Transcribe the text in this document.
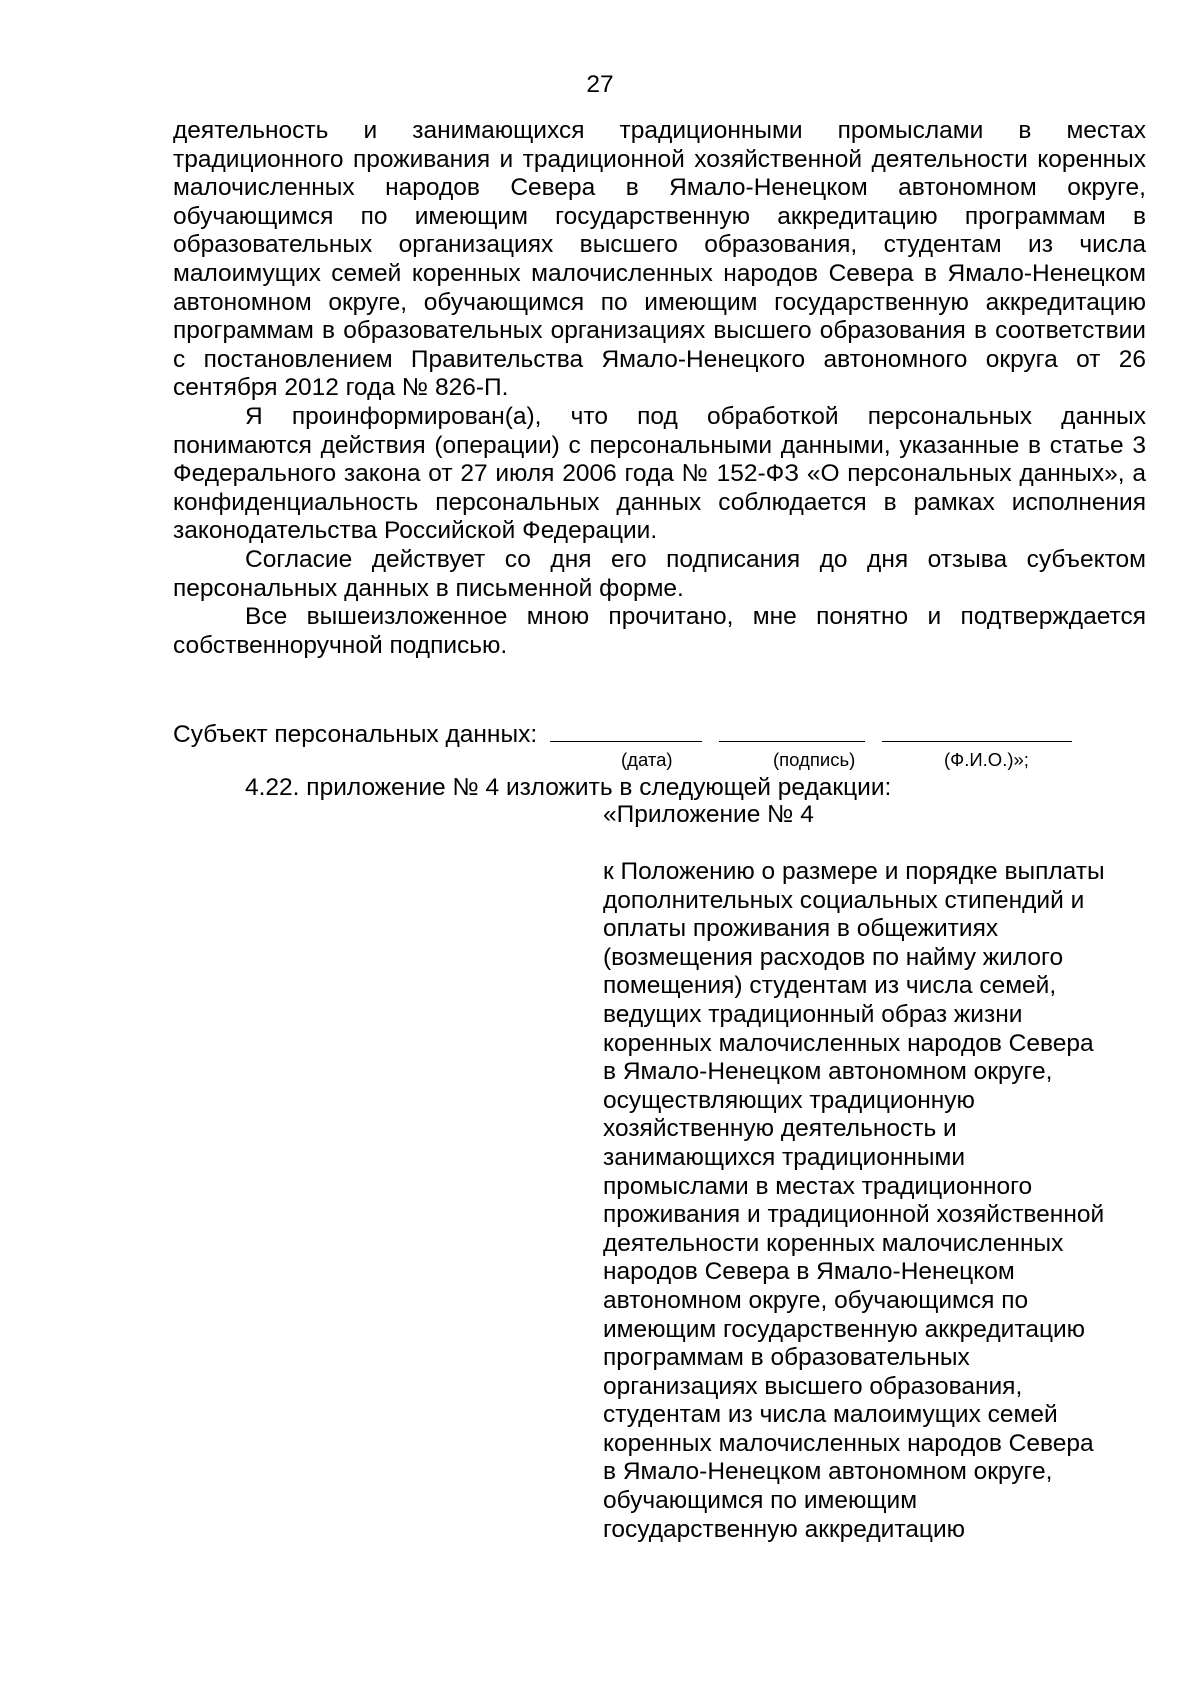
27

деятельность и занимающихся традиционными промыслами в местах традиционного проживания и традиционной хозяйственной деятельности коренных малочисленных народов Севера в Ямало-Ненецком автономном округе, обучающимся по имеющим государственную аккредитацию программам в образовательных организациях высшего образования, студентам из числа малоимущих семей коренных малочисленных народов Севера в Ямало-Ненецком автономном округе, обучающимся по имеющим государственную аккредитацию программам в образовательных организациях высшего образования в соответствии с постановлением Правительства Ямало-Ненецкого автономного округа от 26 сентября 2012 года № 826-П.

Я проинформирован(а), что под обработкой персональных данных понимаются действия (операции) с персональными данными, указанные в статье 3 Федерального закона от 27 июля 2006 года № 152-ФЗ «О персональных данных», а конфиденциальность персональных данных соблюдается в рамках исполнения законодательства Российской Федерации.

Согласие действует со дня его подписания до дня отзыва субъектом персональных данных в письменной форме.

Все вышеизложенное мною прочитано, мне понятно и подтверждается собственноручной подписью.

Субъект персональных данных:
(дата)	(подпись)	(Ф.И.О.)»;
4.22. приложение № 4 изложить в следующей редакции:
«Приложение № 4
к Положению о размере и порядке выплаты
дополнительных социальных стипендий и
оплаты проживания в общежитиях
(возмещения расходов по найму жилого
помещения) студентам из числа семей,
ведущих традиционный образ жизни
коренных малочисленных народов Севера
в Ямало-Ненецком автономном округе,
осуществляющих традиционную
хозяйственную деятельность и
занимающихся традиционными
промыслами в местах традиционного
проживания и традиционной хозяйственной
деятельности коренных малочисленных
народов Севера в Ямало-Ненецком
автономном округе, обучающимся по
имеющим государственную аккредитацию
программам в образовательных
организациях высшего образования,
студентам из числа малоимущих семей
коренных малочисленных народов Севера
в Ямало-Ненецком автономном округе,
обучающимся по имеющим
государственную аккредитацию
